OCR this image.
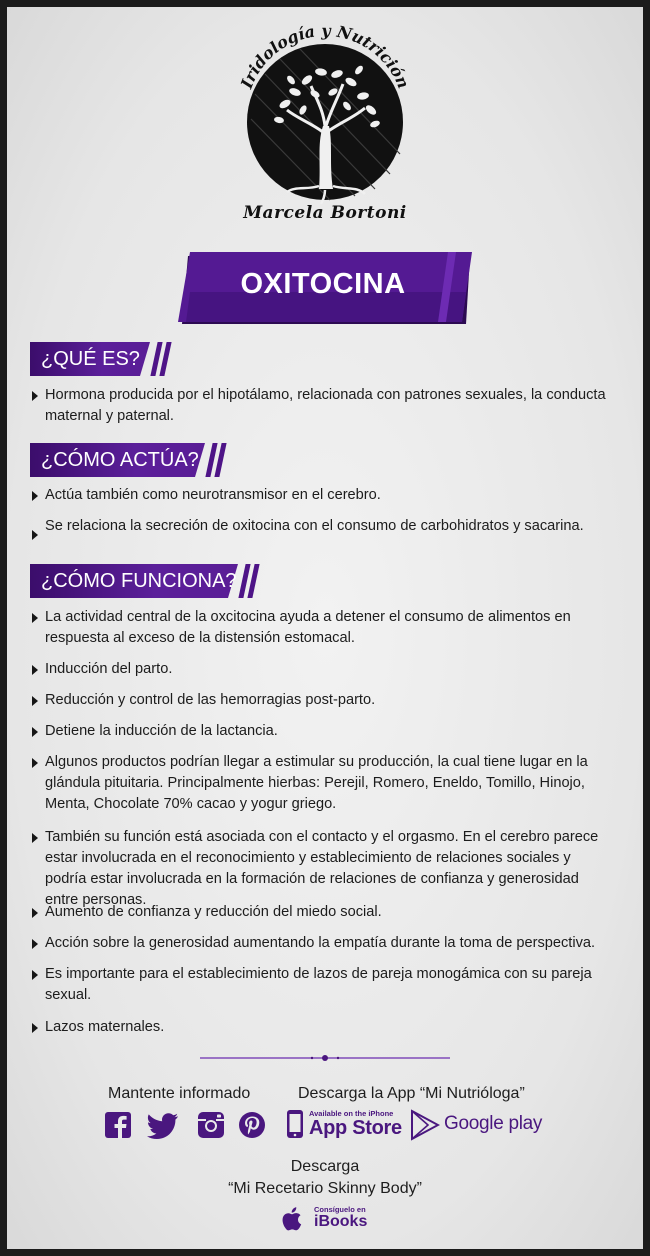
Iridología y Nutrición
Marcela Bortoni
OXITOCINA
¿QUÉ ES?
Hormona producida por el hipotálamo, relacionada con patrones sexuales, la conducta maternal y paternal.
¿CÓMO ACTÚA?
Actúa también como neurotransmisor en el cerebro.
Se relaciona la secreción de oxitocina con el consumo de carbohidratos y sacarina.
¿CÓMO FUNCIONA?
La actividad central de la oxcitocina ayuda a detener el consumo de alimentos en respuesta al exceso de la distensión estomacal.
Inducción del parto.
Reducción y control de las hemorragias post-parto.
Detiene la inducción de la lactancia.
Algunos productos podrían llegar a estimular su producción, la cual tiene lugar en la glándula pituitaria. Principalmente hierbas: Perejil, Romero, Eneldo, Tomillo, Hinojo, Menta, Chocolate 70% cacao y yogur griego.
También su función está asociada con el contacto y el orgasmo. En el cerebro parece estar involucrada en el reconocimiento y establecimiento de relaciones sociales y podría estar involucrada en la formación de relaciones de confianza y generosidad entre personas.
Aumento de confianza y reducción del miedo social.
Acción sobre la generosidad aumentando la empatía durante la toma de perspectiva.
Es importante para el establecimiento de lazos de pareja monogámica con su pareja sexual.
Lazos maternales.
Mantente informado	Descarga la App “Mi Nutrióloga”
Available on the iPhone
App Store Google play
Descarga
“Mi Recetario Skinny Body”
Consíguelo en
iBooks
